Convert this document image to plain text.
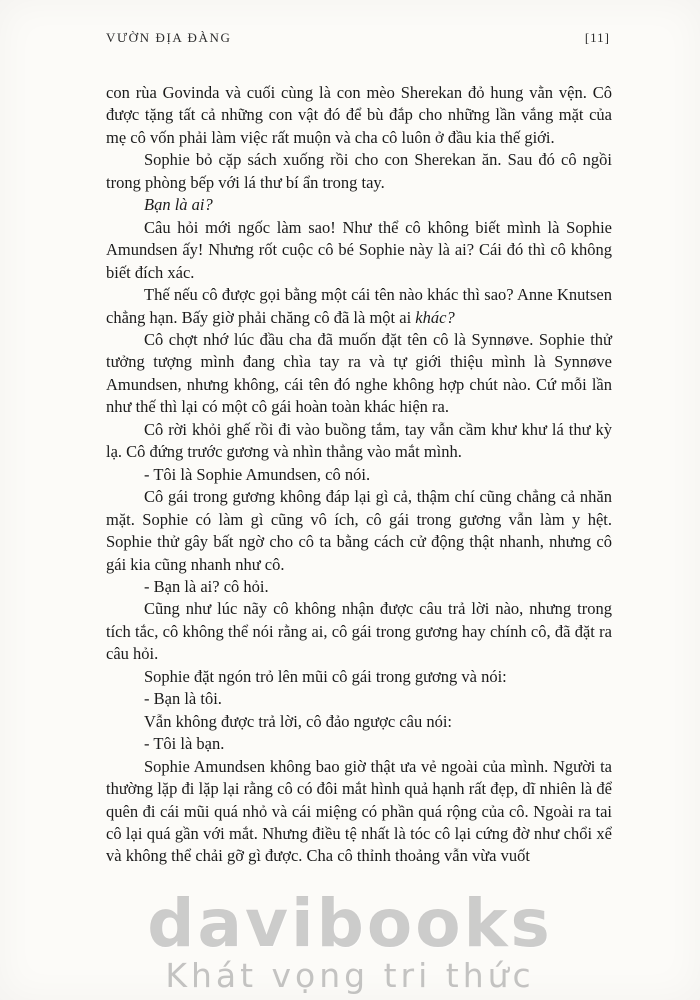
VƯỜN ĐỊA ĐÀNG	[11]

con rùa Govinda và cuối cùng là con mèo Sherekan đỏ hung vằn vện. Cô được tặng tất cả những con vật đó để bù đắp cho những lần vắng mặt của mẹ cô vốn phải làm việc rất muộn và cha cô luôn ở đầu kia thế giới.

Sophie bỏ cặp sách xuống rồi cho con Sherekan ăn. Sau đó cô ngồi trong phòng bếp với lá thư bí ẩn trong tay.

Bạn là ai?

Câu hỏi mới ngốc làm sao! Như thể cô không biết mình là Sophie Amundsen ấy! Nhưng rốt cuộc cô bé Sophie này là ai? Cái đó thì cô không biết đích xác.

Thế nếu cô được gọi bằng một cái tên nào khác thì sao? Anne Knutsen chẳng hạn. Bấy giờ phải chăng cô đã là một ai khác?

Cô chợt nhớ lúc đầu cha đã muốn đặt tên cô là Synnøve. Sophie thử tưởng tượng mình đang chìa tay ra và tự giới thiệu mình là Synnøve Amundsen, nhưng không, cái tên đó nghe không hợp chút nào. Cứ mỗi lần như thế thì lại có một cô gái hoàn toàn khác hiện ra.

Cô rời khỏi ghế rồi đi vào buồng tắm, tay vẫn cầm khư khư lá thư kỳ lạ. Cô đứng trước gương và nhìn thẳng vào mắt mình.

- Tôi là Sophie Amundsen, cô nói.

Cô gái trong gương không đáp lại gì cả, thậm chí cũng chẳng cả nhăn mặt. Sophie có làm gì cũng vô ích, cô gái trong gương vẫn làm y hệt. Sophie thử gây bất ngờ cho cô ta bằng cách cử động thật nhanh, nhưng cô gái kia cũng nhanh như cô.

- Bạn là ai? cô hỏi.

Cũng như lúc nãy cô không nhận được câu trả lời nào, nhưng trong tích tắc, cô không thể nói rằng ai, cô gái trong gương hay chính cô, đã đặt ra câu hỏi.

Sophie đặt ngón trỏ lên mũi cô gái trong gương và nói:

- Bạn là tôi.

Vẫn không được trả lời, cô đảo ngược câu nói:

- Tôi là bạn.

Sophie Amundsen không bao giờ thật ưa vẻ ngoài của mình. Người ta thường lặp đi lặp lại rằng cô có đôi mắt hình quả hạnh rất đẹp, dĩ nhiên là để quên đi cái mũi quá nhỏ và cái miệng có phần quá rộng của cô. Ngoài ra tai cô lại quá gần với mắt. Nhưng điều tệ nhất là tóc cô lại cứng đờ như chổi xể và không thể chải gỡ gì được. Cha cô thỉnh thoảng vẫn vừa vuốt

davibooks
Khát vọng tri thức
